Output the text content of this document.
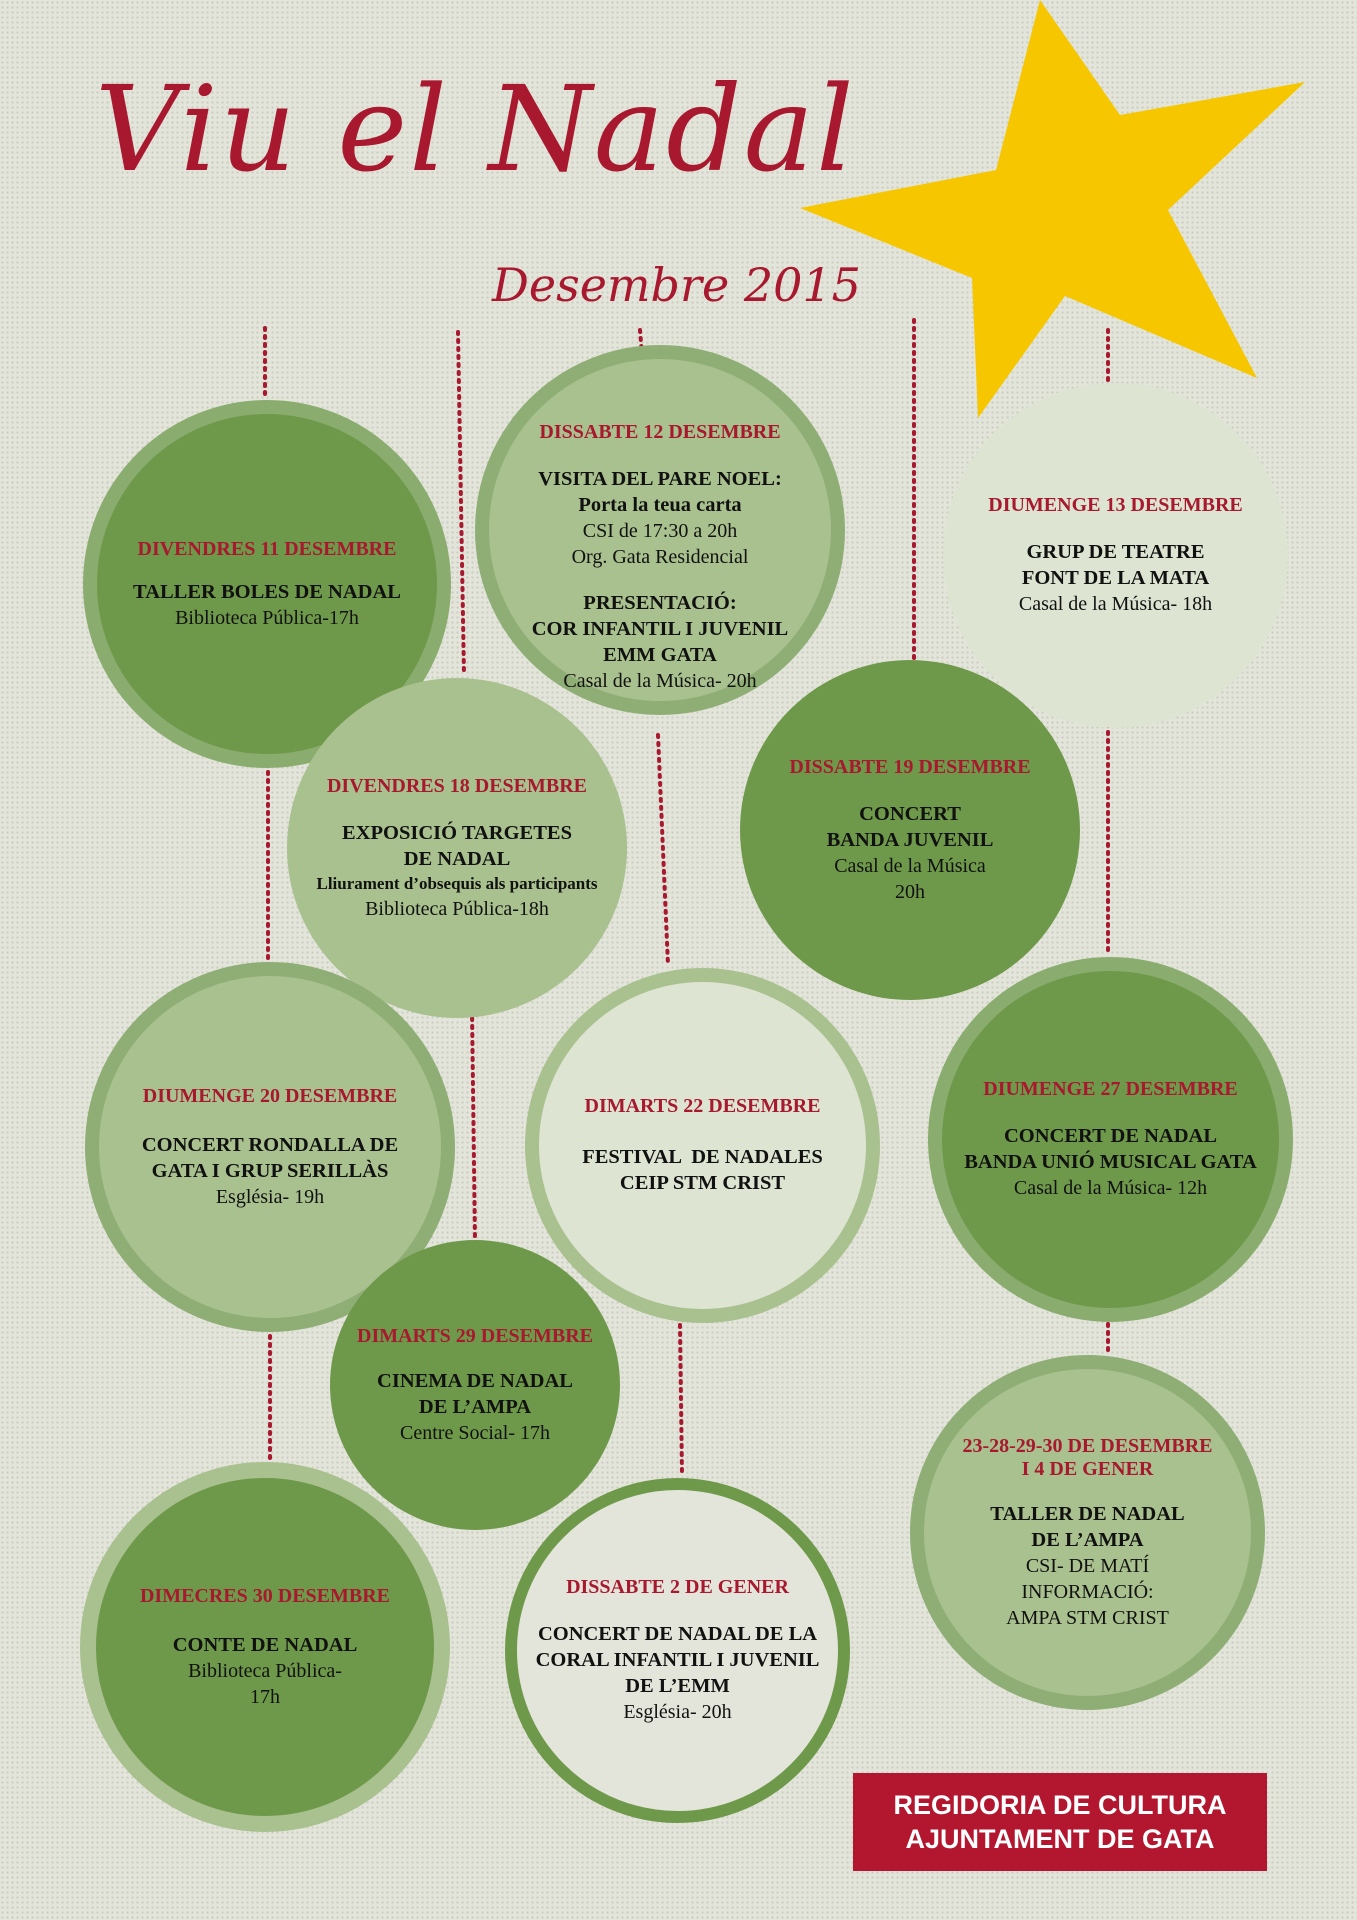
Viu el Nadal
Desembre 2015
DIVENDRES 11 DESEMBRE
TALLER BOLES DE NADAL
Biblioteca Pública-17h
DISSABTE 12 DESEMBRE
VISITA DEL PARE NOEL:
Porta la teua carta
CSI de 17:30 a 20h
Org. Gata Residencial
PRESENTACIÓ:
COR INFANTIL I JUVENIL
EMM GATA
Casal de la Música- 20h
DIUMENGE 13 DESEMBRE
GRUP DE TEATRE
FONT DE LA MATA
Casal de la Música- 18h
DIVENDRES 18 DESEMBRE
EXPOSICIÓ TARGETES
DE NADAL
Lliurament d’obsequis als participants
Biblioteca Pública-18h
DISSABTE 19 DESEMBRE
CONCERT
BANDA JUVENIL
Casal de la Música
20h
DIUMENGE 20 DESEMBRE
CONCERT RONDALLA DE
GATA I GRUP SERILLÀS
Església- 19h
DIMARTS 22 DESEMBRE
FESTIVAL  DE NADALES
CEIP STM CRIST
DIUMENGE 27 DESEMBRE
CONCERT DE NADAL
BANDA UNIÓ MUSICAL GATA
Casal de la Música- 12h
DIMARTS 29 DESEMBRE
CINEMA DE NADAL
DE L’AMPA
Centre Social- 17h
23-28-29-30 DE DESEMBRE
I 4 DE GENER
TALLER DE NADAL
DE L’AMPA
CSI- DE MATÍ
INFORMACIÓ:
AMPA STM CRIST
DIMECRES 30 DESEMBRE
CONTE DE NADAL
Biblioteca Pública-
17h
DISSABTE 2 DE GENER
CONCERT DE NADAL DE LA
CORAL INFANTIL I JUVENIL
DE L’EMM
Església- 20h
REGIDORIA DE CULTURA
AJUNTAMENT DE GATA
